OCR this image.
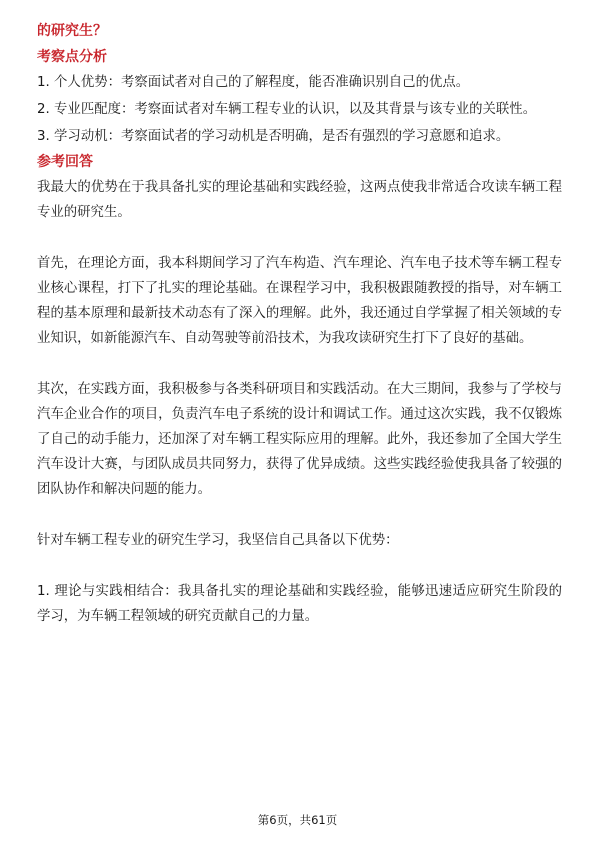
的研究生？

考察点分析

1. 个人优势：考察面试者对自己的了解程度，能否准确识别自己的优点。

2. 专业匹配度：考察面试者对车辆工程专业的认识，以及其背景与该专业的关联性。

3. 学习动机：考察面试者的学习动机是否明确，是否有强烈的学习意愿和追求。

参考回答

我最大的优势在于我具备扎实的理论基础和实践经验，这两点使我非常适合攻读车辆工程专业的研究生。

首先，在理论方面，我本科期间学习了汽车构造、汽车理论、汽车电子技术等车辆工程专业核心课程，打下了扎实的理论基础。在课程学习中，我积极跟随教授的指导，对车辆工程的基本原理和最新技术动态有了深入的理解。此外，我还通过自学掌握了相关领域的专业知识，如新能源汽车、自动驾驶等前沿技术，为我攻读研究生打下了良好的基础。

其次，在实践方面，我积极参与各类科研项目和实践活动。在大三期间，我参与了学校与汽车企业合作的项目，负责汽车电子系统的设计和调试工作。通过这次实践，我不仅锻炼了自己的动手能力，还加深了对车辆工程实际应用的理解。此外，我还参加了全国大学生汽车设计大赛，与团队成员共同努力，获得了优异成绩。这些实践经验使我具备了较强的团队协作和解决问题的能力。

针对车辆工程专业的研究生学习，我坚信自己具备以下优势：

1. 理论与实践相结合：我具备扎实的理论基础和实践经验，能够迅速适应研究生阶段的学习，为车辆工程领域的研究贡献自己的力量。

第6页，共61页
